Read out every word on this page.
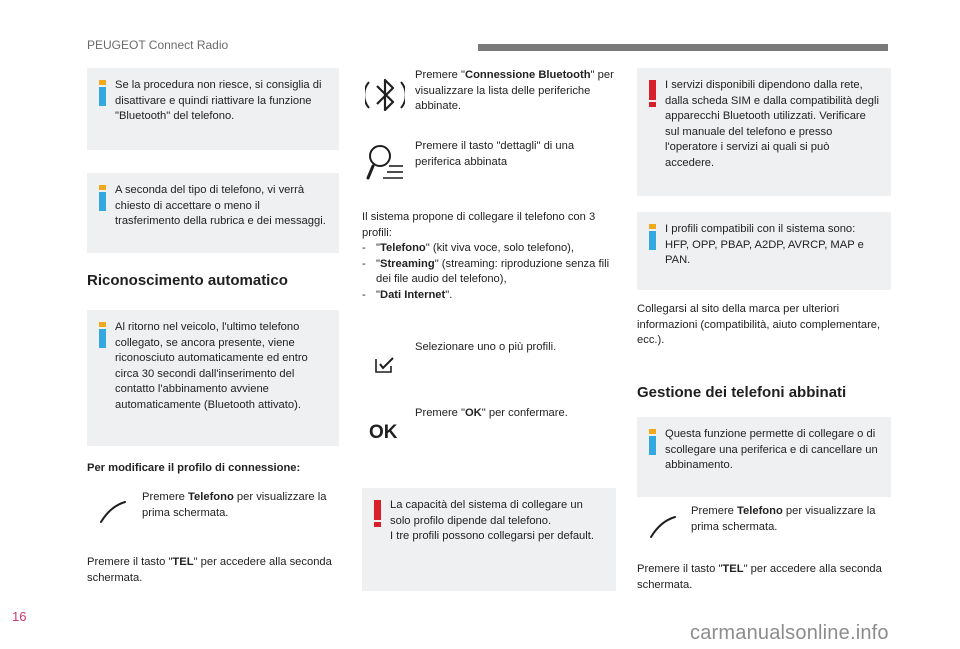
PEUGEOT Connect Radio
Se la procedura non riesce, si consiglia di disattivare e quindi riattivare la funzione "Bluetooth" del telefono.
A seconda del tipo di telefono, vi verrà chiesto di accettare o meno il trasferimento della rubrica e dei messaggi.
Riconoscimento automatico
Al ritorno nel veicolo, l'ultimo telefono collegato, se ancora presente, viene riconosciuto automaticamente ed entro circa 30 secondi dall'inserimento del contatto l'abbinamento avviene automaticamente (Bluetooth attivato).
Per modificare il profilo di connessione:
Premere Telefono per visualizzare la prima schermata.
Premere il tasto "TEL" per accedere alla seconda schermata.
Premere "Connessione Bluetooth" per visualizzare la lista delle periferiche abbinate.
Premere il tasto "dettagli" di una periferica abbinata
Il sistema propone di collegare il telefono con 3 profili:
- "Telefono" (kit viva voce, solo telefono),
- "Streaming" (streaming: riproduzione senza fili dei file audio del telefono),
- "Dati Internet".
Selezionare uno o più profili.
OK
Premere "OK" per confermare.
La capacità del sistema di collegare un solo profilo dipende dal telefono.
I tre profili possono collegarsi per default.
I servizi disponibili dipendono dalla rete, dalla scheda SIM e dalla compatibilità degli apparecchi Bluetooth utilizzati. Verificare sul manuale del telefono e presso l'operatore i servizi ai quali si può accedere.
I profili compatibili con il sistema sono: HFP, OPP, PBAP, A2DP, AVRCP, MAP e PAN.
Collegarsi al sito della marca per ulteriori informazioni (compatibilità, aiuto complementare, ecc.).
Gestione dei telefoni abbinati
Questa funzione permette di collegare o di scollegare una periferica e di cancellare un abbinamento.
Premere Telefono per visualizzare la prima schermata.
Premere il tasto "TEL" per accedere alla seconda schermata.
16
carmanualsonline.info
